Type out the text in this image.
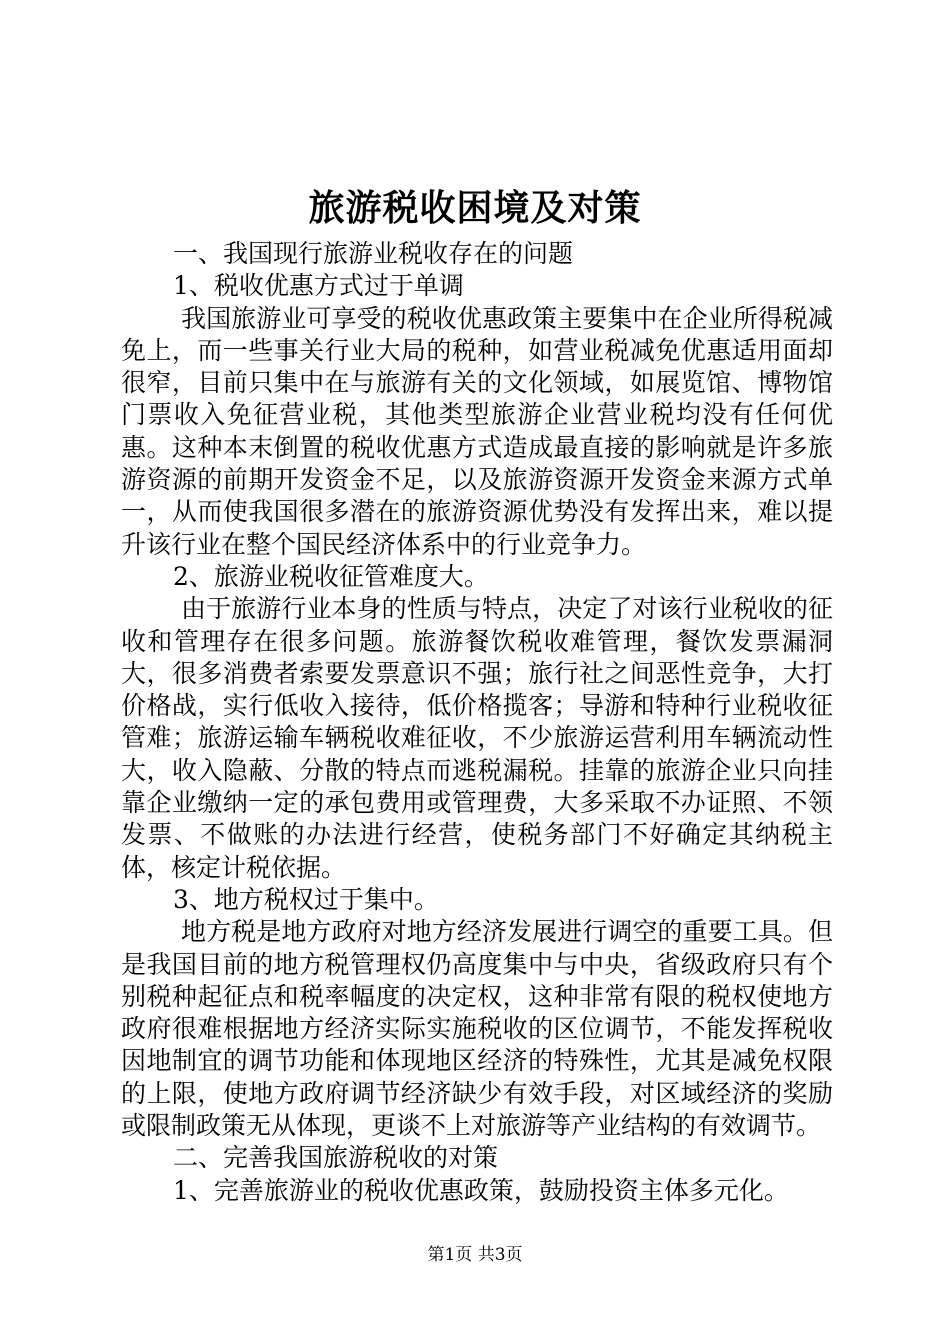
旅游税收困境及对策

一、我国现行旅游业税收存在的问题

1、税收优惠方式过于单调

我国旅游业可享受的税收优惠政策主要集中在企业所得税减免上，而一些事关行业大局的税种，如营业税减免优惠适用面却很窄，目前只集中在与旅游有关的文化领域，如展览馆、博物馆门票收入免征营业税，其他类型旅游企业营业税均没有任何优惠。这种本末倒置的税收优惠方式造成最直接的影响就是许多旅游资源的前期开发资金不足，以及旅游资源开发资金来源方式单一，从而使我国很多潜在的旅游资源优势没有发挥出来，难以提升该行业在整个国民经济体系中的行业竞争力。

2、旅游业税收征管难度大。

由于旅游行业本身的性质与特点，决定了对该行业税收的征收和管理存在很多问题。旅游餐饮税收难管理，餐饮发票漏洞大，很多消费者索要发票意识不强；旅行社之间恶性竞争，大打价格战，实行低收入接待，低价格揽客；导游和特种行业税收征管难；旅游运输车辆税收难征收，不少旅游运营利用车辆流动性大，收入隐蔽、分散的特点而逃税漏税。挂靠的旅游企业只向挂靠企业缴纳一定的承包费用或管理费，大多采取不办证照、不领发票、不做账的办法进行经营，使税务部门不好确定其纳税主体，核定计税依据。

3、地方税权过于集中。

地方税是地方政府对地方经济发展进行调空的重要工具。但是我国目前的地方税管理权仍高度集中与中央，省级政府只有个别税种起征点和税率幅度的决定权，这种非常有限的税权使地方政府很难根据地方经济实际实施税收的区位调节，不能发挥税收因地制宜的调节功能和体现地区经济的特殊性，尤其是减免权限的上限，使地方政府调节经济缺少有效手段，对区域经济的奖励或限制政策无从体现，更谈不上对旅游等产业结构的有效调节。

二、完善我国旅游税收的对策

1、完善旅游业的税收优惠政策，鼓励投资主体多元化。

第1页 共3页
